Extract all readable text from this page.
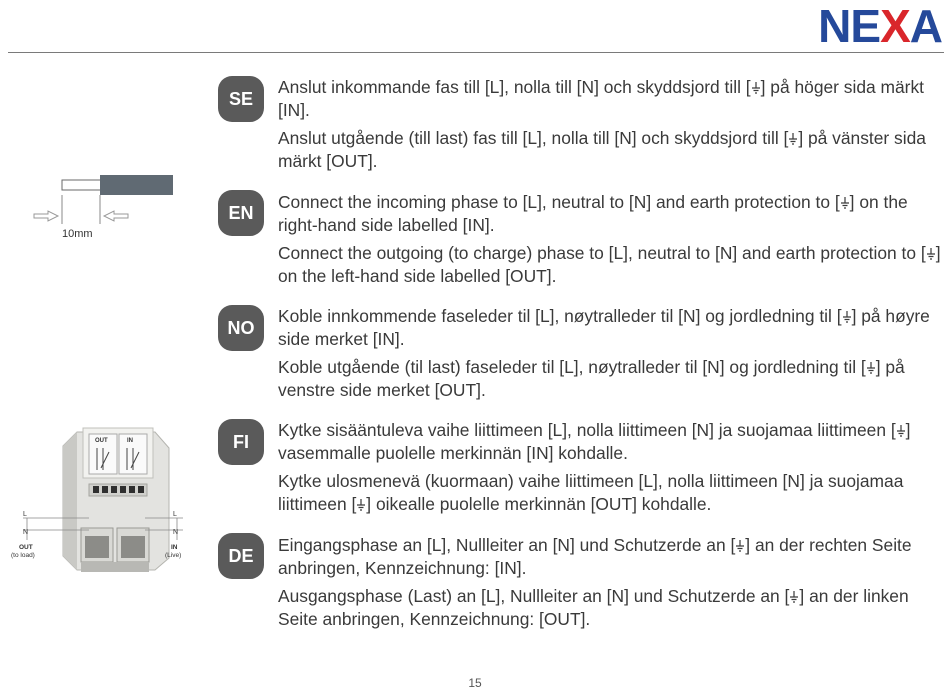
NEXA
10mm
OUT	IN
L
N
L
N
OUT
(to load)
IN
(Live)
SE

Anslut inkommande fas till [L], nolla till [N] och skyddsjord till [ ] på höger sida märkt [IN].

Anslut utgående (till last) fas till [L], nolla till [N] och skyddsjord till [ ] på vänster sida märkt [OUT].

EN

Connect the incoming phase to [L], neutral to [N] and earth protection to [ ] on the right-hand side labelled [IN].

Connect the outgoing (to charge) phase to [L], neutral to [N] and earth protection to [ ] on the left-hand side labelled [OUT].

NO

Koble innkommende faseleder til [L], nøytralleder til [N] og jordledning til [ ] på høyre side merket [IN].

Koble utgående (til last) faseleder til [L], nøytralleder til [N] og jordledning til [ ] på venstre side merket [OUT].

FI

Kytke sisääntuleva vaihe liittimeen [L], nolla liittimeen [N] ja suojamaa liittimeen [ ] vasemmalle puolelle merkinnän [IN] kohdalle.

Kytke ulosmenevä (kuormaan) vaihe liittimeen [L], nolla liittimeen [N] ja suojamaa liittimeen [ ] oikealle puolelle merkinnän [OUT] kohdalle.

DE

Eingangsphase an [L], Nullleiter an [N] und Schutzerde an [ ] an der rechten Seite anbringen, Kennzeichnung: [IN].

Ausgangsphase (Last) an [L], Nullleiter an [N] und Schutzerde an [ ] an der linken Seite anbringen, Kennzeichnung: [OUT].

15
